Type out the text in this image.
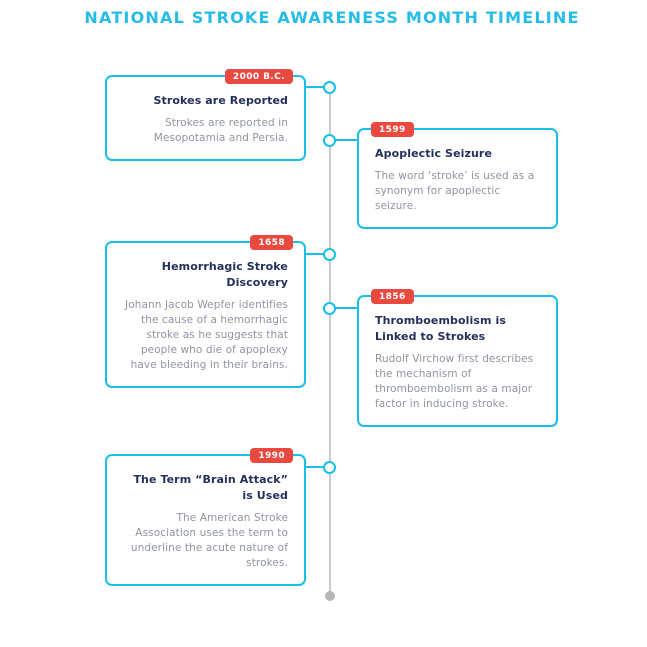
NATIONAL STROKE AWARENESS MONTH TIMELINE
2000 B.C.
Strokes are Reported
Strokes are reported in Mesopotamia and Persia.
1599
Apoplectic Seizure
The word ‘stroke’ is used as a synonym for apoplectic seizure.
1658
Hemorrhagic Stroke Discovery
Johann Jacob Wepfer identifies the cause of a hemorrhagic stroke as he suggests that people who die of apoplexy have bleeding in their brains.
1856
Thromboembolism is Linked to Strokes
Rudolf Virchow first describes the mechanism of thromboembolism as a major factor in inducing stroke.
1990
The Term “Brain Attack” is Used
The American Stroke Association uses the term to underline the acute nature of strokes.
